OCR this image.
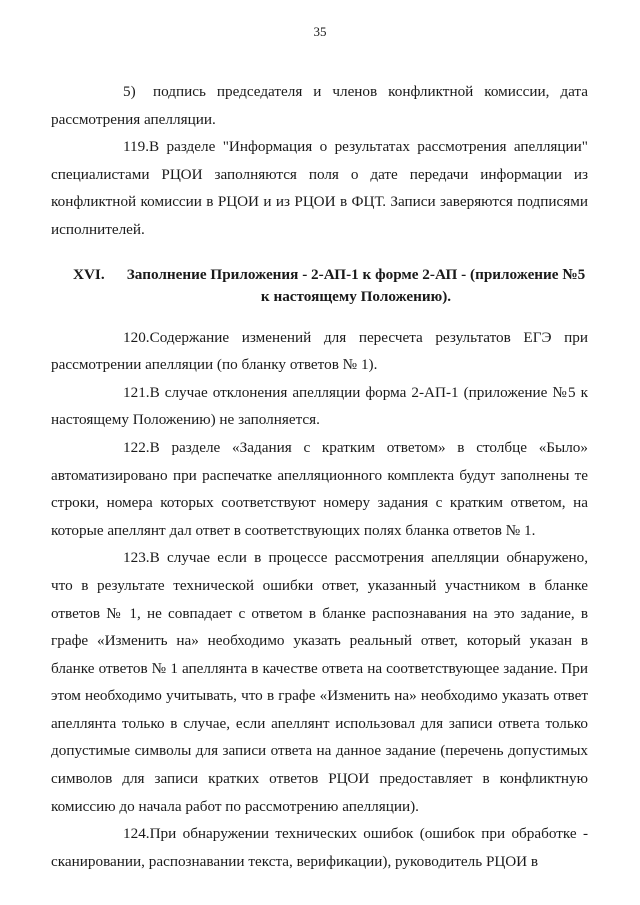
35

5) подпись председателя и членов конфликтной комиссии, дата рассмотрения апелляции.

119.В разделе "Информация о результатах рассмотрения апелляции" специалистами РЦОИ заполняются поля о дате передачи информации из конфликтной комиссии в РЦОИ и из РЦОИ в ФЦТ. Записи заверяются подписями исполнителей.

XVI.	Заполнение Приложения - 2-АП-1 к форме 2-АП - (приложение №5 к настоящему Положению).

120.Содержание изменений для пересчета результатов ЕГЭ при рассмотрении апелляции (по бланку ответов № 1).

121.В случае отклонения апелляции форма 2-АП-1 (приложение №5 к настоящему Положению) не заполняется.

122.В разделе «Задания с кратким ответом» в столбце «Было» автоматизировано при распечатке апелляционного комплекта будут заполнены те строки, номера которых соответствуют номеру задания с кратким ответом, на которые апеллянт дал ответ в соответствующих полях бланка ответов № 1.

123.В случае если в процессе рассмотрения апелляции обнаружено, что в результате технической ошибки ответ, указанный участником в бланке ответов № 1, не совпадает с ответом в бланке распознавания на это задание, в графе «Изменить на» необходимо указать реальный ответ, который указан в бланке ответов № 1 апеллянта в качестве ответа на соответствующее задание. При этом необходимо учитывать, что в графе «Изменить на» необходимо указать ответ апеллянта только в случае, если апеллянт использовал для записи ответа только допустимые символы для записи ответа на данное задание (перечень допустимых символов для записи кратких ответов РЦОИ предоставляет в конфликтную комиссию до начала работ по рассмотрению апелляции).

124.При обнаружении технических ошибок (ошибок при обработке - сканировании, распознавании текста, верификации), руководитель РЦОИ в
